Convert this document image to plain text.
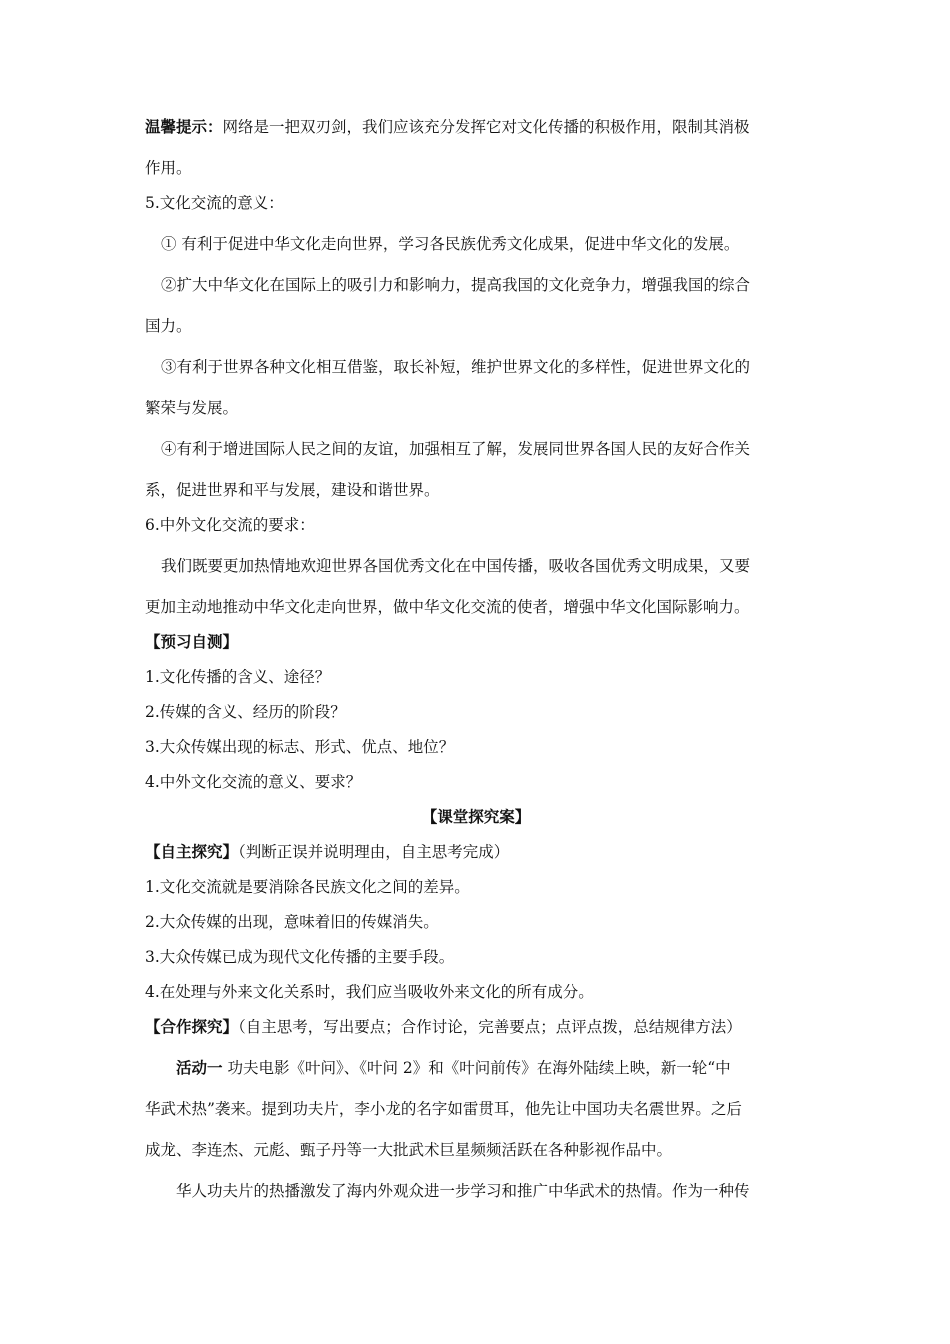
温馨提示：网络是一把双刃剑，我们应该充分发挥它对文化传播的积极作用，限制其消极

作用。

5.文化交流的意义：

① 有利于促进中华文化走向世界，学习各民族优秀文化成果，促进中华文化的发展。

②扩大中华文化在国际上的吸引力和影响力，提高我国的文化竞争力，增强我国的综合

国力。

③有利于世界各种文化相互借鉴，取长补短，维护世界文化的多样性，促进世界文化的

繁荣与发展。

④有利于增进国际人民之间的友谊，加强相互了解，发展同世界各国人民的友好合作关

系，促进世界和平与发展，建设和谐世界。

6.中外文化交流的要求：

我们既要更加热情地欢迎世界各国优秀文化在中国传播，吸收各国优秀文明成果，又要

更加主动地推动中华文化走向世界，做中华文化交流的使者，增强中华文化国际影响力。

【预习自测】

1.文化传播的含义、途径？

2.传媒的含义、经历的阶段？

3.大众传媒出现的标志、形式、优点、地位？

4.中外文化交流的意义、要求？

【课堂探究案】

【自主探究】（判断正误并说明理由，自主思考完成）

1.文化交流就是要消除各民族文化之间的差异。

2.大众传媒的出现，意味着旧的传媒消失。

3.大众传媒已成为现代文化传播的主要手段。

4.在处理与外来文化关系时，我们应当吸收外来文化的所有成分。

【合作探究】（自主思考，写出要点；合作讨论，完善要点；点评点拨，总结规律方法）

活动一 功夫电影《叶问》、《叶问 2》和《叶问前传》在海外陆续上映，新一轮“中

华武术热”袭来。提到功夫片，李小龙的名字如雷贯耳，他先让中国功夫名震世界。之后

成龙、李连杰、元彪、甄子丹等一大批武术巨星频频活跃在各种影视作品中。

华人功夫片的热播激发了海内外观众进一步学习和推广中华武术的热情。作为一种传
